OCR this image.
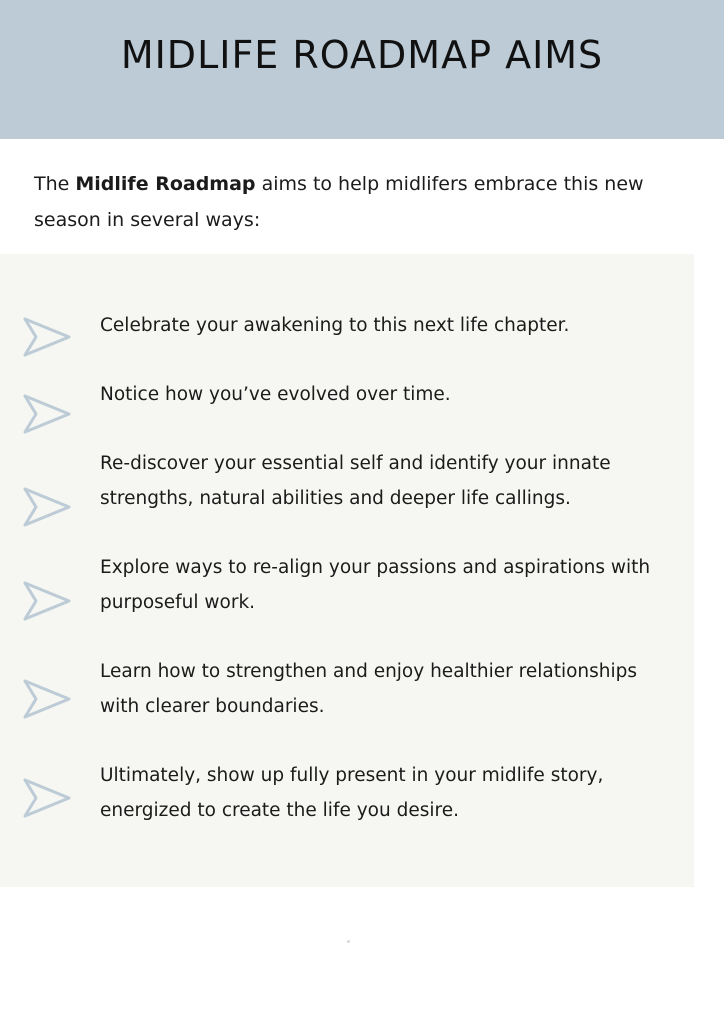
MIDLIFE ROADMAP AIMS

The Midlife Roadmap aims to help midlifers embrace this new season in several ways:

Celebrate your awakening to this next life chapter.
Notice how you’ve evolved over time.
Re-discover your essential self and identify your innate strengths, natural abilities and deeper life callings.
Explore ways to re-align your passions and aspirations with purposeful work.
Learn how to strengthen and enjoy healthier relationships with clearer boundaries.
Ultimately, show up fully present in your midlife story, energized to create the life you desire.
